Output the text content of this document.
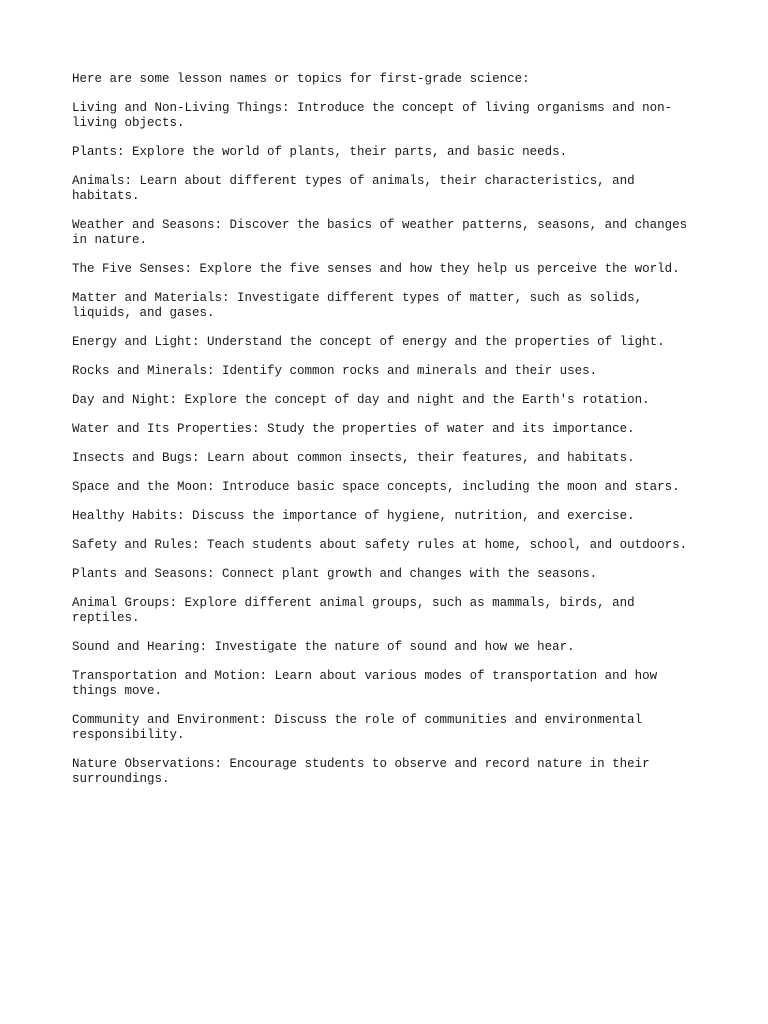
Here are some lesson names or topics for first-grade science:

Living and Non-Living Things: Introduce the concept of living organisms and non-living objects.

Plants: Explore the world of plants, their parts, and basic needs.

Animals: Learn about different types of animals, their characteristics, and habitats.

Weather and Seasons: Discover the basics of weather patterns, seasons, and changes in nature.

The Five Senses: Explore the five senses and how they help us perceive the world.

Matter and Materials: Investigate different types of matter, such as solids, liquids, and gases.

Energy and Light: Understand the concept of energy and the properties of light.

Rocks and Minerals: Identify common rocks and minerals and their uses.

Day and Night: Explore the concept of day and night and the Earth's rotation.

Water and Its Properties: Study the properties of water and its importance.

Insects and Bugs: Learn about common insects, their features, and habitats.

Space and the Moon: Introduce basic space concepts, including the moon and stars.

Healthy Habits: Discuss the importance of hygiene, nutrition, and exercise.

Safety and Rules: Teach students about safety rules at home, school, and outdoors.

Plants and Seasons: Connect plant growth and changes with the seasons.

Animal Groups: Explore different animal groups, such as mammals, birds, and reptiles.

Sound and Hearing: Investigate the nature of sound and how we hear.

Transportation and Motion: Learn about various modes of transportation and how things move.

Community and Environment: Discuss the role of communities and environmental responsibility.

Nature Observations: Encourage students to observe and record nature in their surroundings.
